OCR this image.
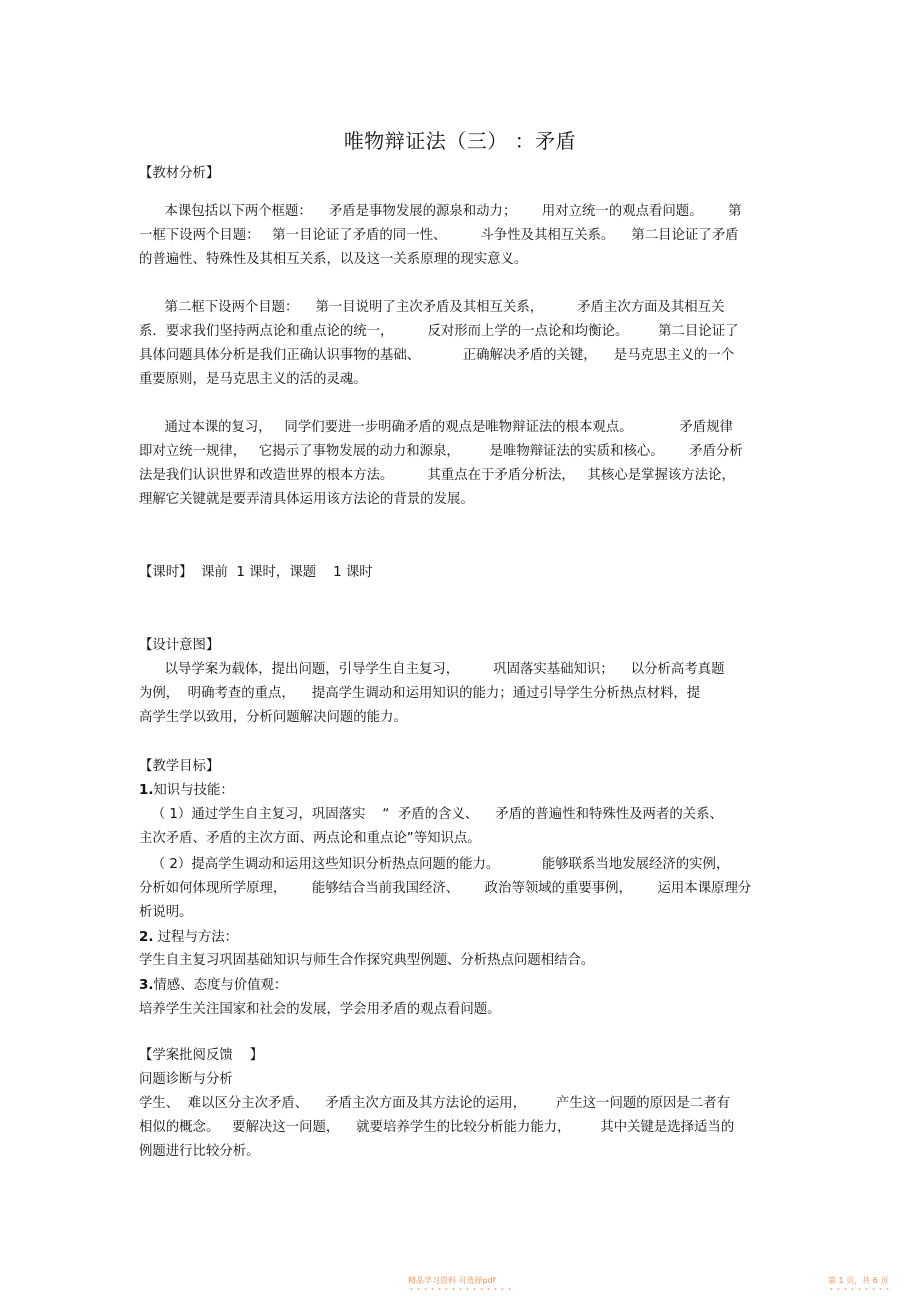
唯物辩证法（三） ：矛盾
【教材分析】
本课包括以下两个框题：    矛盾是事物发展的源泉和动力；      用对立统一的观点看问题。      第
一框下设两个目题：   第一目论证了矛盾的同一性、        斗争性及其相互关系。    第二目论证了矛盾
的普遍性、特殊性及其相互关系，以及这一关系原理的现实意义。
第二框下设两个目题：    第一目说明了主次矛盾及其相互关系，        矛盾主次方面及其相互关
系．要求我们坚持两点论和重点论的统一，        反对形而上学的一点论和均衡论。       第二目论证了
具体问题具体分析是我们正确认识事物的基础、          正确解决矛盾的关键，    是马克思主义的一个
重要原则，是马克思主义的活的灵魂。
通过本课的复习，   同学们要进一步明确矛盾的观点是唯物辩证法的根本观点。           矛盾规律
即对立统一规律，   它揭示了事物发展的动力和源泉，       是唯物辩证法的实质和核心。      矛盾分析
法是我们认识世界和改造世界的根本方法。        其重点在于矛盾分析法，   其核心是掌握该方法论，
理解它关键就是要弄清具体运用该方法论的背景的发展。
【课时】  课前  1 课时，课题    1 课时
【设计意图】
以导学案为载体，提出问题，引导学生自主复习，        巩固落实基础知识；    以分析高考真题
为例，  明确考查的重点，    提高学生调动和运用知识的能力；通过引导学生分析热点材料，提
高学生学以致用，分析问题解决问题的能力。
【教学目标】
1.知识与技能：
（ 1）通过学生自主复习，巩固落实    “  矛盾的含义、    矛盾的普遍性和特殊性及两者的关系、
主次矛盾、矛盾的主次方面、两点论和重点论”等知识点。
（ 2）提高学生调动和运用这些知识分析热点问题的能力。          能够联系当地发展经济的实例，
分析如何体现所学原理，      能够结合当前我国经济、      政治等领域的重要事例，      运用本课原理分
析说明。
2. 过程与方法：
学生自主复习巩固基础知识与师生合作探究典型例题、分析热点问题相结合。
3.情感、态度与价值观：
培养学生关注国家和社会的发展，学会用矛盾的观点看问题。
【学案批阅反馈    】
问题诊断与分析
学生、  难以区分主次矛盾、    矛盾主次方面及其方法论的运用，       产生这一问题的原因是二者有
相似的概念。   要解决这一问题，    就要培养学生的比较分析能力能力，       其中关键是选择适当的
例题进行比较分析。
精品学习资料 可选择pdf	第 1 页，共 6 页
